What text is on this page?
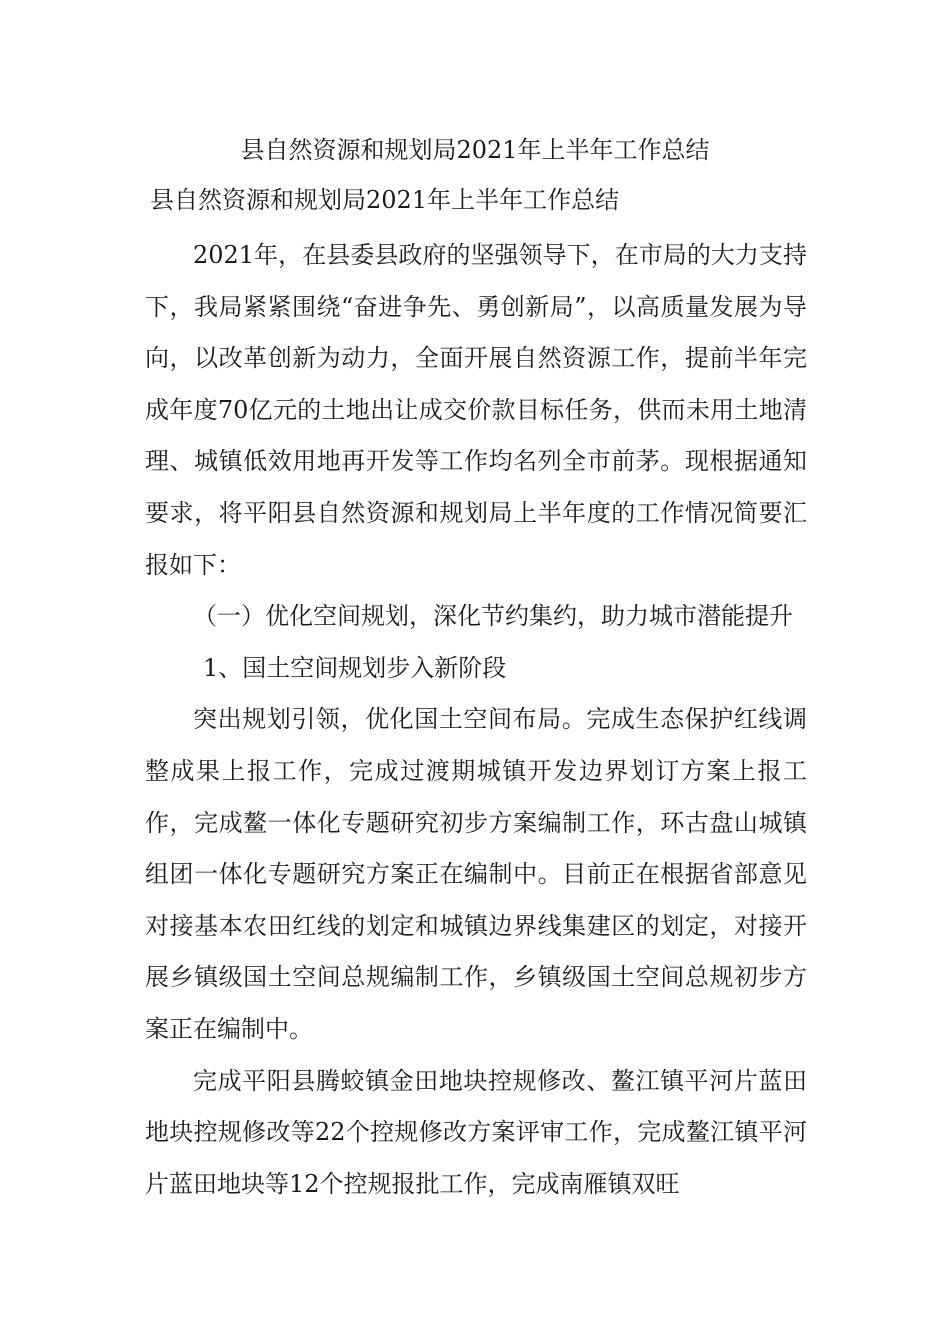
县自然资源和规划局2021年上半年工作总结
县自然资源和规划局2021年上半年工作总结

2021年，在县委县政府的坚强领导下，在市局的大力支持下，我局紧紧围绕“奋进争先、勇创新局”，以高质量发展为导向，以改革创新为动力，全面开展自然资源工作，提前半年完成年度70亿元的土地出让成交价款目标任务，供而未用土地清理、城镇低效用地再开发等工作均名列全市前茅。现根据通知要求，将平阳县自然资源和规划局上半年度的工作情况简要汇报如下：

（一）优化空间规划，深化节约集约，助力城市潜能提升

1、国土空间规划步入新阶段

突出规划引领，优化国土空间布局。完成生态保护红线调整成果上报工作，完成过渡期城镇开发边界划订方案上报工作，完成鳌一体化专题研究初步方案编制工作，环古盘山城镇组团一体化专题研究方案正在编制中。目前正在根据省部意见对接基本农田红线的划定和城镇边界线集建区的划定，对接开展乡镇级国土空间总规编制工作，乡镇级国土空间总规初步方案正在编制中。

完成平阳县腾蛟镇金田地块控规修改、鳌江镇平河片蓝田地块控规修改等22个控规修改方案评审工作，完成鳌江镇平河片蓝田地块等12个控规报批工作，完成南雁镇双旺
